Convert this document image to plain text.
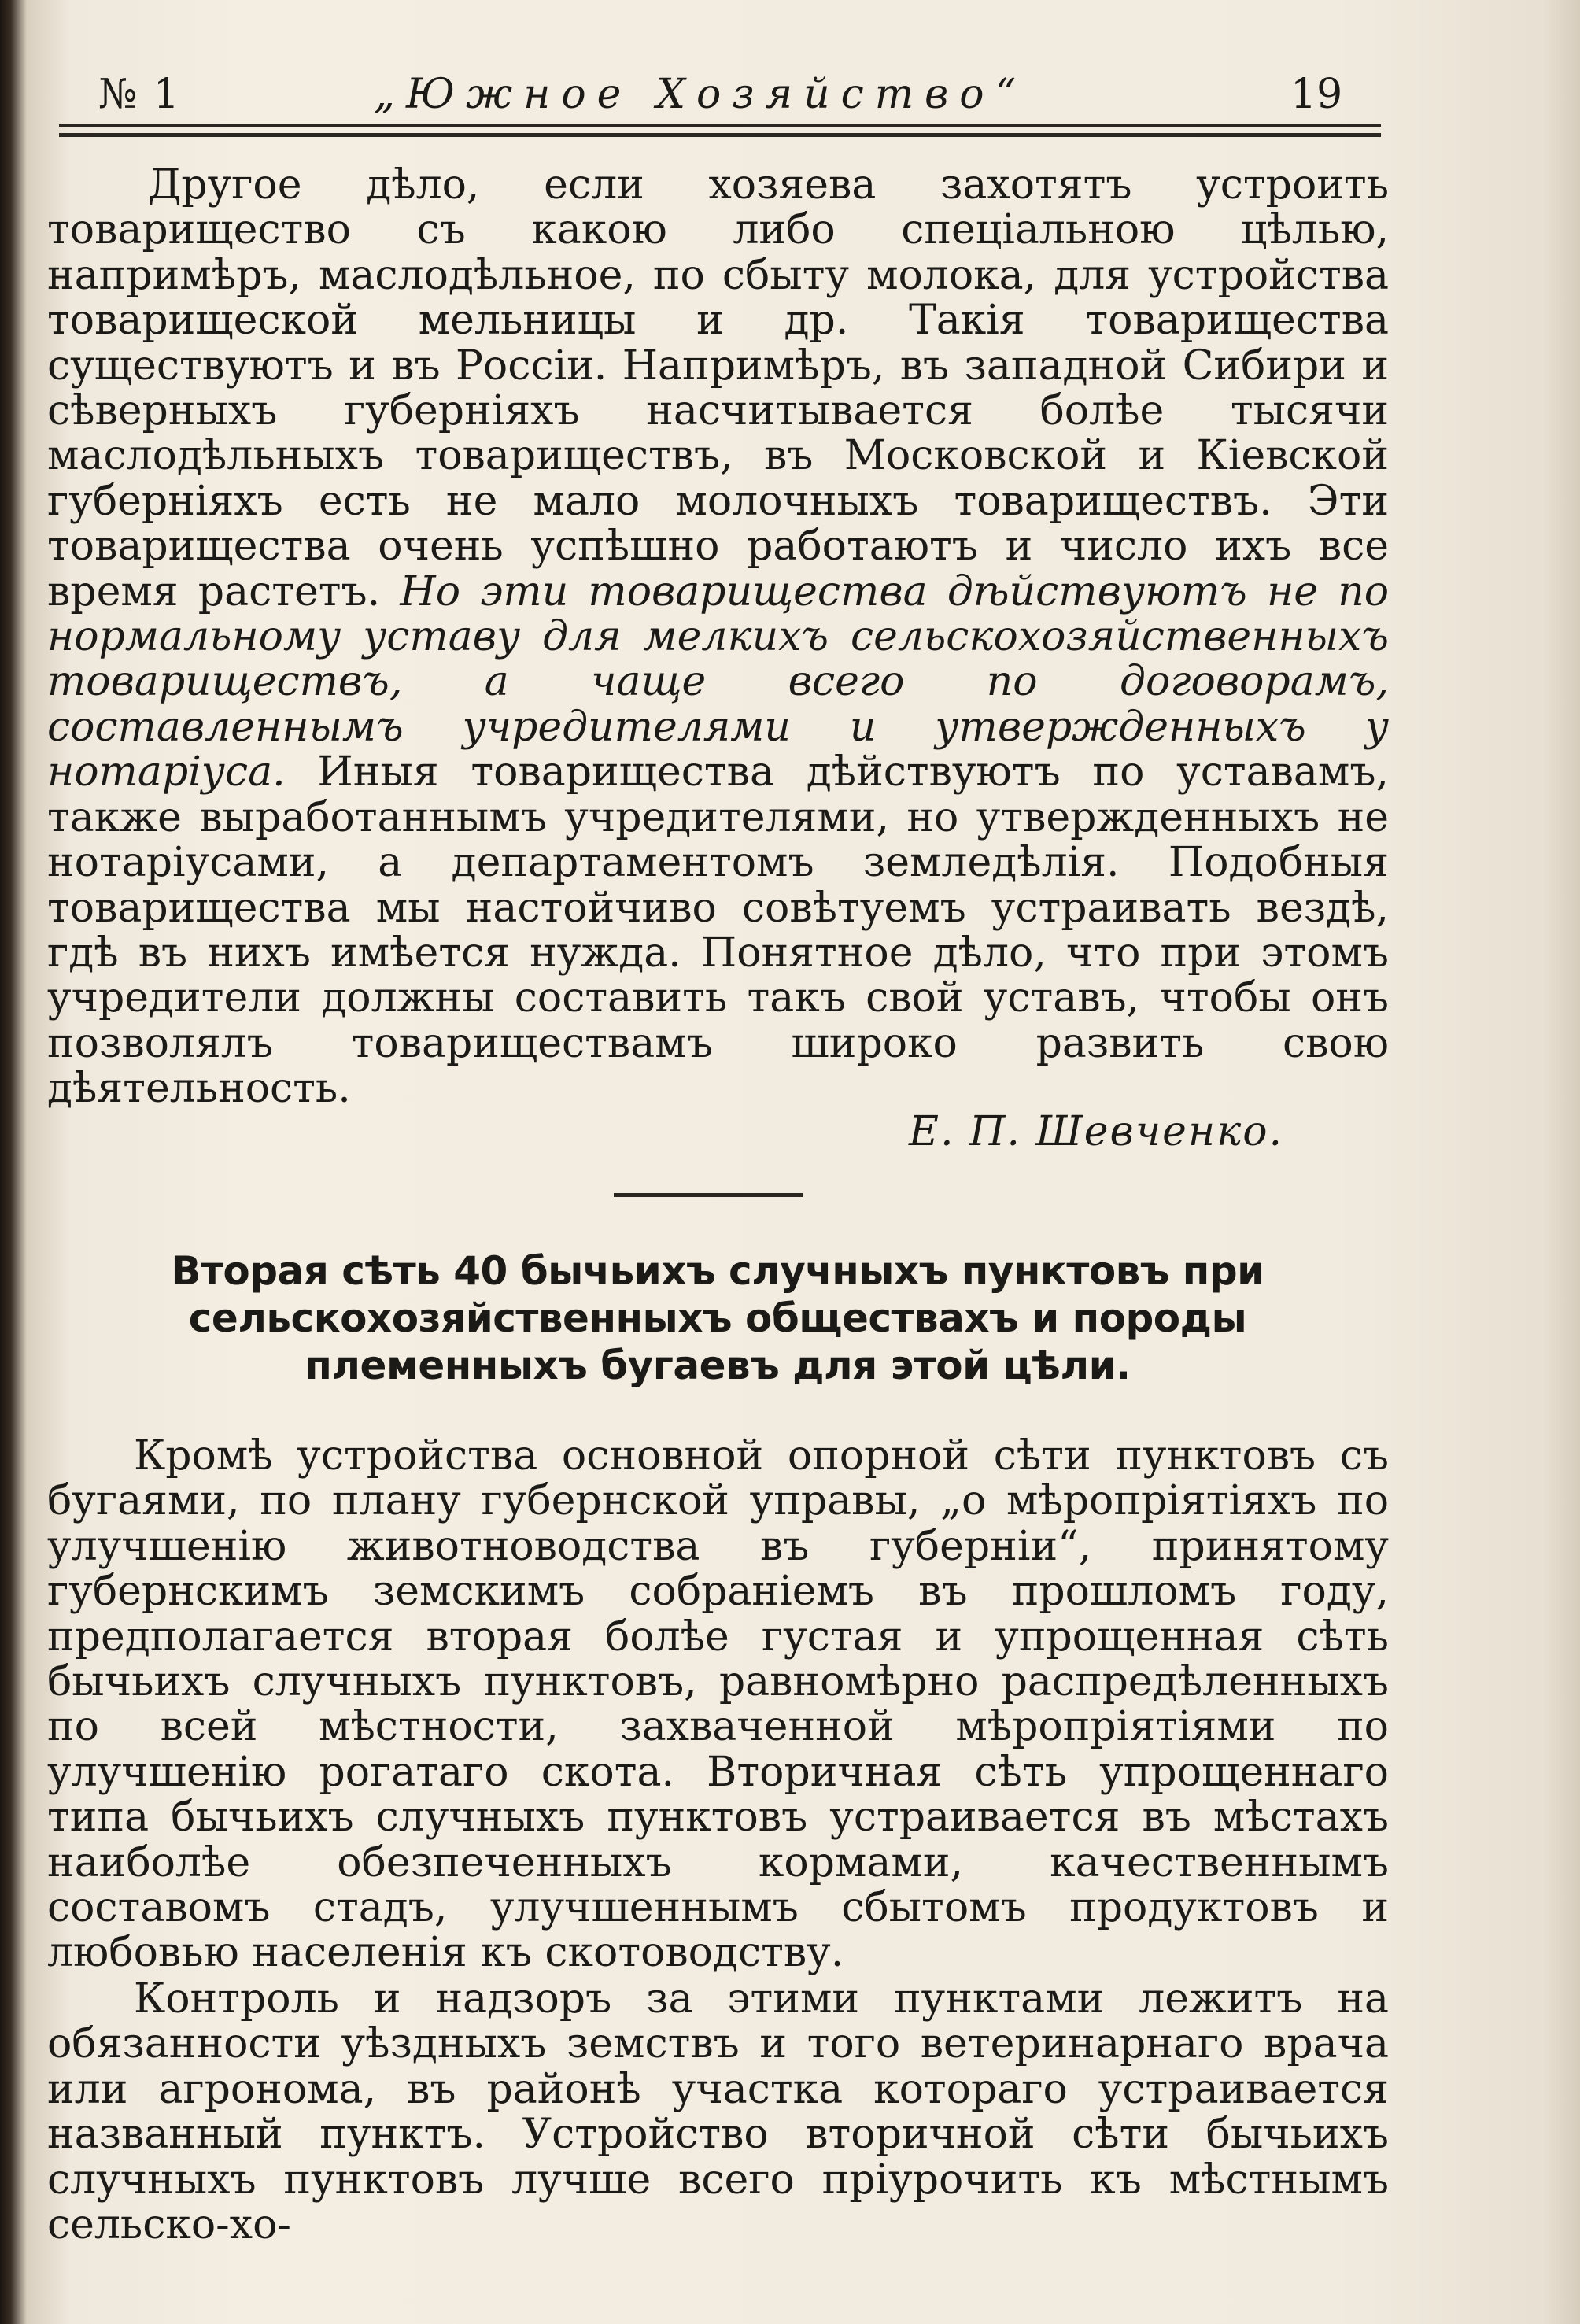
№ 1	„Южное Хозяйство“	19
Другое дѣло, если хозяева захотятъ устроить товарищество съ какою либо спеціальною цѣлью, напримѣръ, маслодѣльное, по сбыту молока, для устройства товарищеской мельницы и др. Такія товарищества существуютъ и въ Россіи. Напримѣръ, въ западной Сибири и сѣверныхъ губерніяхъ насчитывается болѣе тысячи маслодѣльныхъ товариществъ, въ Московской и Кіевской губерніяхъ есть не мало молочныхъ товариществъ. Эти товарищества очень успѣшно работаютъ и число ихъ все время растетъ. Но эти товарищества дѣйствуютъ не по нормальному уставу для мелкихъ сельскохозяйственныхъ товариществъ, а чаще всего по договорамъ, составленнымъ учредителями и утвержденныхъ у нотаріуса. Иныя товарищества дѣйствуютъ по уставамъ, также выработаннымъ учредителями, но утвержденныхъ не нотаріусами, а департаментомъ земледѣлія. Подобныя товарищества мы настойчиво совѣтуемъ устраивать вездѣ, гдѣ въ нихъ имѣется нужда. Понятное дѣло, что при этомъ учредители должны составить такъ свой уставъ, чтобы онъ позволялъ товариществамъ широко развить свою дѣятельность.
Е. П. Шевченко.
Вторая сѣть 40 бычьихъ случныхъ пунктовъ при сельскохозяйственныхъ обществахъ и породы племенныхъ бугаевъ для этой цѣли.
Кромѣ устройства основной опорной сѣти пунктовъ съ бугаями, по плану губернской управы, „о мѣропріятіяхъ по улучшенію животноводства въ губерніи“, принятому губернскимъ земскимъ собраніемъ въ прошломъ году, предполагается вторая болѣе густая и упрощенная сѣть бычьихъ случныхъ пунктовъ, равномѣрно распредѣленныхъ по всей мѣстности, захваченной мѣропріятіями по улучшенію рогатаго скота. Вторичная сѣть упрощеннаго типа бычьихъ случныхъ пунктовъ устраивается въ мѣстахъ наиболѣе обезпеченныхъ кормами, качественнымъ составомъ стадъ, улучшеннымъ сбытомъ продуктовъ и любовью населенія къ скотоводству.
Контроль и надзоръ за этими пунктами лежитъ на обязанности уѣздныхъ земствъ и того ветеринарнаго врача или агронома, въ районѣ участка котораго устраивается названный пунктъ. Устройство вторичной сѣти бычьихъ случныхъ пунктовъ лучше всего пріурочить къ мѣстнымъ сельско-хо-
